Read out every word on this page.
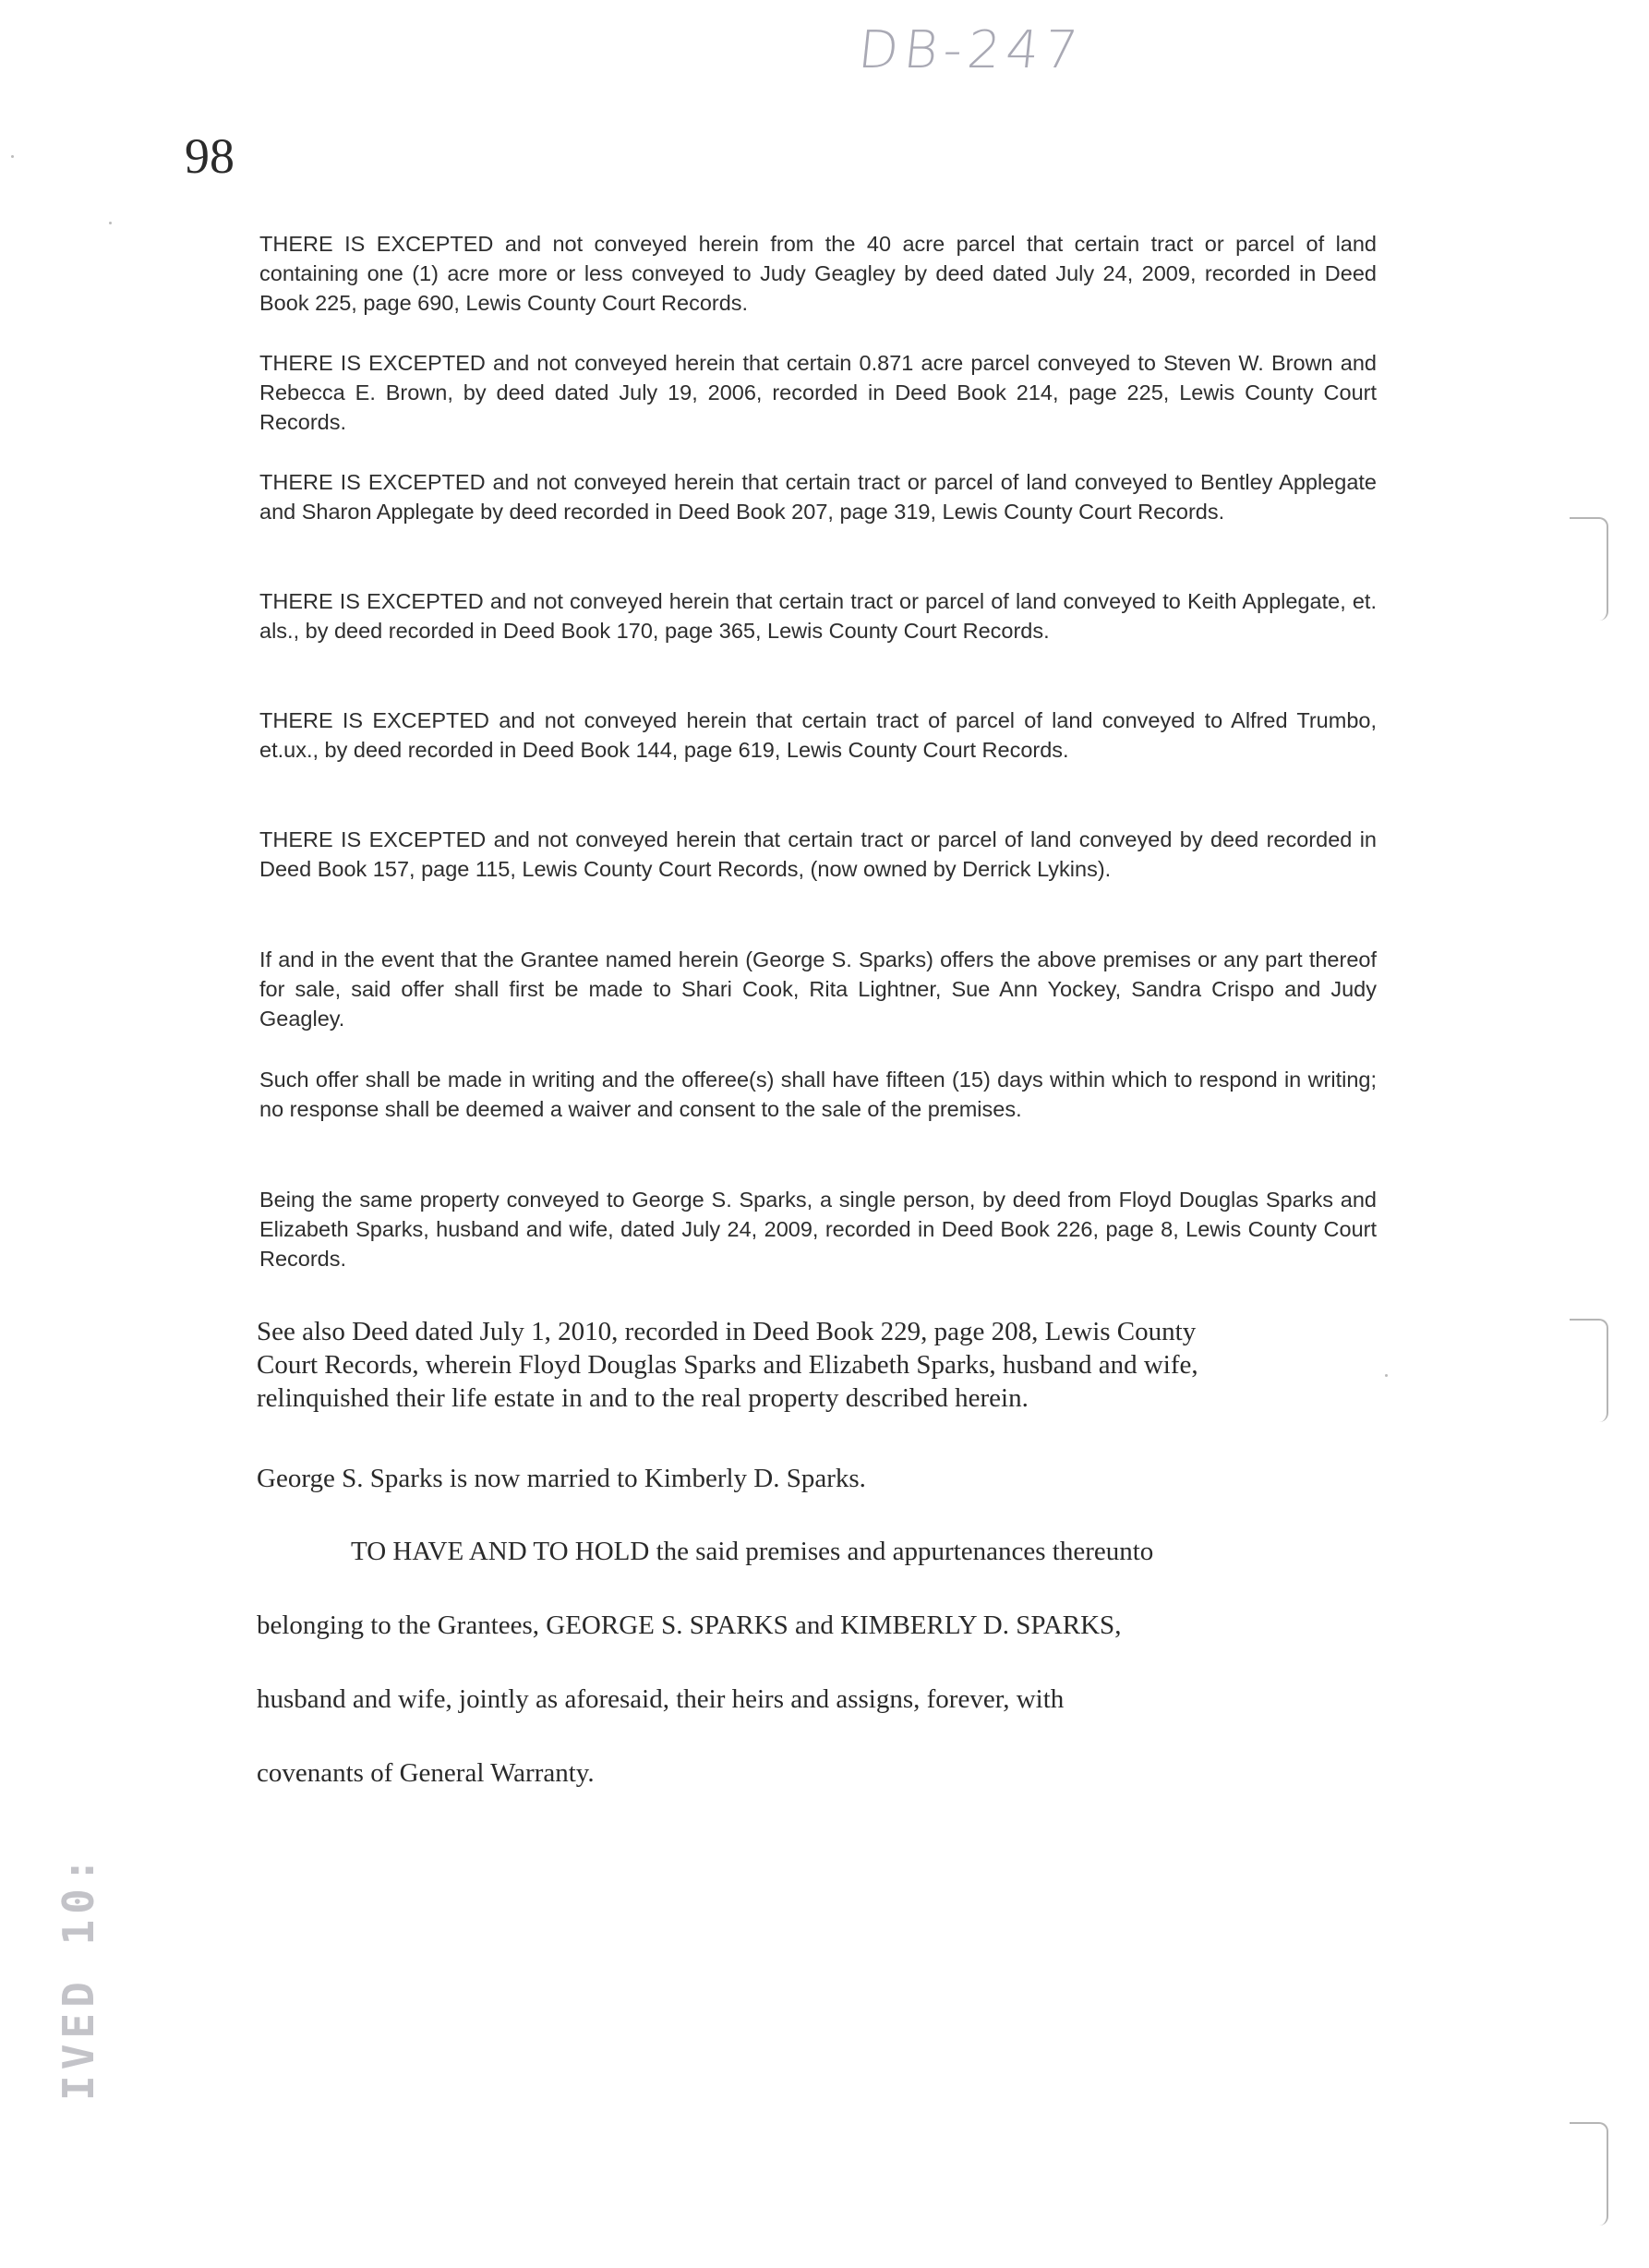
DB-247
98

THERE IS EXCEPTED and not conveyed herein from the 40 acre parcel that certain tract or parcel of land containing one (1) acre more or less conveyed to Judy Geagley by deed dated July 24, 2009, recorded in Deed Book 225, page 690, Lewis County Court Records.

THERE IS EXCEPTED and not conveyed herein that certain 0.871 acre parcel conveyed to Steven W. Brown and Rebecca E. Brown, by deed dated July 19, 2006, recorded in Deed Book 214, page 225, Lewis County Court Records.

THERE IS EXCEPTED and not conveyed herein that certain tract or parcel of land conveyed to Bentley Applegate and Sharon Applegate by deed recorded in Deed Book 207, page 319, Lewis County Court Records.

THERE IS EXCEPTED and not conveyed herein that certain tract or parcel of land conveyed to Keith Applegate, et. als., by deed recorded in Deed Book 170, page 365, Lewis County Court Records.

THERE IS EXCEPTED and not conveyed herein that certain tract of parcel of land conveyed to Alfred Trumbo, et.ux., by deed recorded in Deed Book 144, page 619, Lewis County Court Records.

THERE IS EXCEPTED and not conveyed herein that certain tract or parcel of land conveyed by deed recorded in Deed Book 157, page 115, Lewis County Court Records, (now owned by Derrick Lykins).

If and in the event that the Grantee named herein (George S. Sparks) offers the above premises or any part thereof for sale, said offer shall first be made to Shari Cook, Rita Lightner, Sue Ann Yockey, Sandra Crispo and Judy Geagley.

Such offer shall be made in writing and the offeree(s) shall have fifteen (15) days within which to respond in writing; no response shall be deemed a waiver and consent to the sale of the premises.

Being the same property conveyed to George S. Sparks, a single person, by deed from Floyd Douglas Sparks and Elizabeth Sparks, husband and wife, dated July 24, 2009, recorded in Deed Book 226, page 8, Lewis County Court Records.

See also Deed dated July 1, 2010, recorded in Deed Book 229, page 208, Lewis County
Court Records, wherein Floyd Douglas Sparks and Elizabeth Sparks, husband and wife,
relinquished their life estate in and to the real property described herein.
George S. Sparks is now married to Kimberly D. Sparks.
TO HAVE AND TO HOLD the said premises and appurtenances thereunto
belonging to the Grantees, GEORGE S. SPARKS and KIMBERLY D. SPARKS,
husband and wife, jointly as aforesaid, their heirs and assigns, forever, with
covenants of General Warranty.
IVED 10:
